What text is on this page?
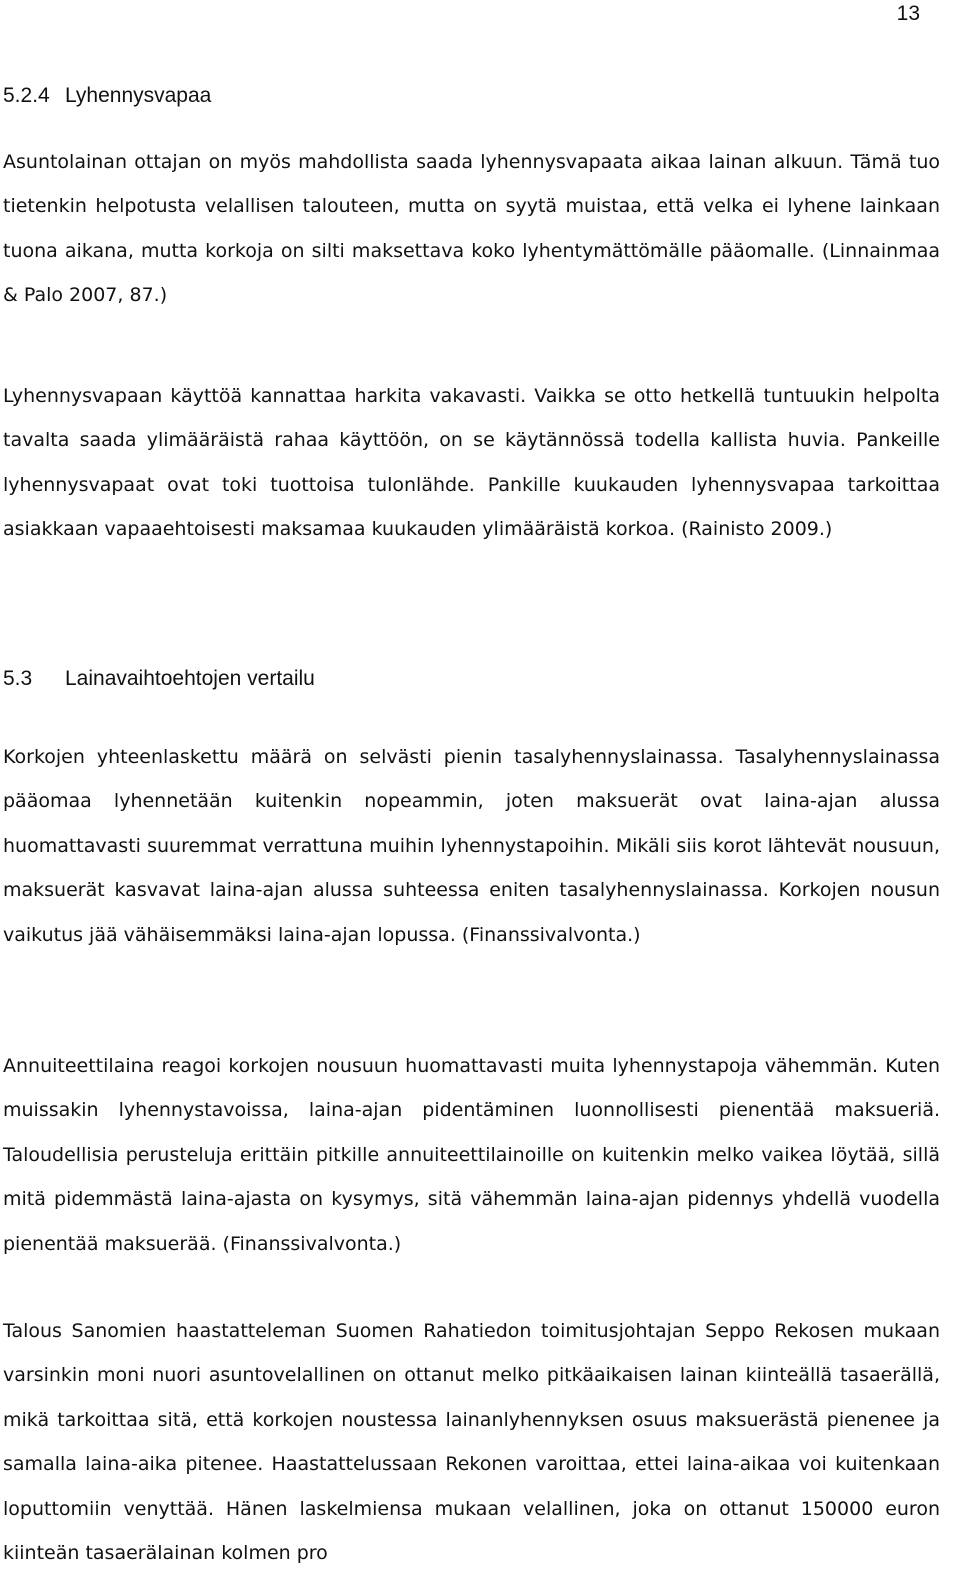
13
5.2.4 Lyhennysvapaa

Asuntolainan ottajan on myös mahdollista saada lyhennysvapaata aikaa lainan alkuun. Tämä tuo tietenkin helpotusta velallisen talouteen, mutta on syytä muistaa, että velka ei lyhene lainkaan tuona aikana, mutta korkoja on silti maksettava koko lyhentymättömälle pääomalle. (Linnainmaa & Palo 2007, 87.)

Lyhennysvapaan käyttöä kannattaa harkita vakavasti. Vaikka se otto hetkellä tuntuukin helpolta tavalta saada ylimääräistä rahaa käyttöön, on se käytännössä todella kallista huvia. Pankeille lyhennysvapaat ovat toki tuottoisa tulonlähde. Pankille kuukauden lyhennysvapaa tarkoittaa asiakkaan vapaaehtoisesti maksamaa kuukauden ylimääräistä korkoa. (Rainisto 2009.)

5.3 Lainavaihtoehtojen vertailu

Korkojen yhteenlaskettu määrä on selvästi pienin tasalyhennyslainassa. Tasalyhennyslainassa pääomaa lyhennetään kuitenkin nopeammin, joten maksuerät ovat laina-ajan alussa huomattavasti suuremmat verrattuna muihin lyhennystapoihin. Mikäli siis korot lähtevät nousuun, maksuerät kasvavat laina-ajan alussa suhteessa eniten tasalyhennyslainassa. Korkojen nousun vaikutus jää vähäisemmäksi laina-ajan lopussa. (Finanssivalvonta.)

Annuiteettilaina reagoi korkojen nousuun huomattavasti muita lyhennystapoja vähemmän. Kuten muissakin lyhennystavoissa, laina-ajan pidentäminen luonnollisesti pienentää maksueriä. Taloudellisia perusteluja erittäin pitkille annuiteettilainoille on kuitenkin melko vaikea löytää, sillä mitä pidemmästä laina-ajasta on kysymys, sitä vähemmän laina-ajan pidennys yhdellä vuodella pienentää maksuerää. (Finanssivalvonta.)

Talous Sanomien haastatteleman Suomen Rahatiedon toimitusjohtajan Seppo Rekosen mukaan varsinkin moni nuori asuntovelallinen on ottanut melko pitkäaikaisen lainan kiinteällä tasaerällä, mikä tarkoittaa sitä, että korkojen noustessa lainanlyhennyksen osuus maksuerästä pienenee ja samalla laina-aika pitenee. Haastattelussaan Rekonen varoittaa, ettei laina-aikaa voi kuitenkaan loputtomiin venyttää. Hänen laskelmiensa mukaan velallinen, joka on ottanut 150000 euron kiinteän tasaerälainan kolmen pro
